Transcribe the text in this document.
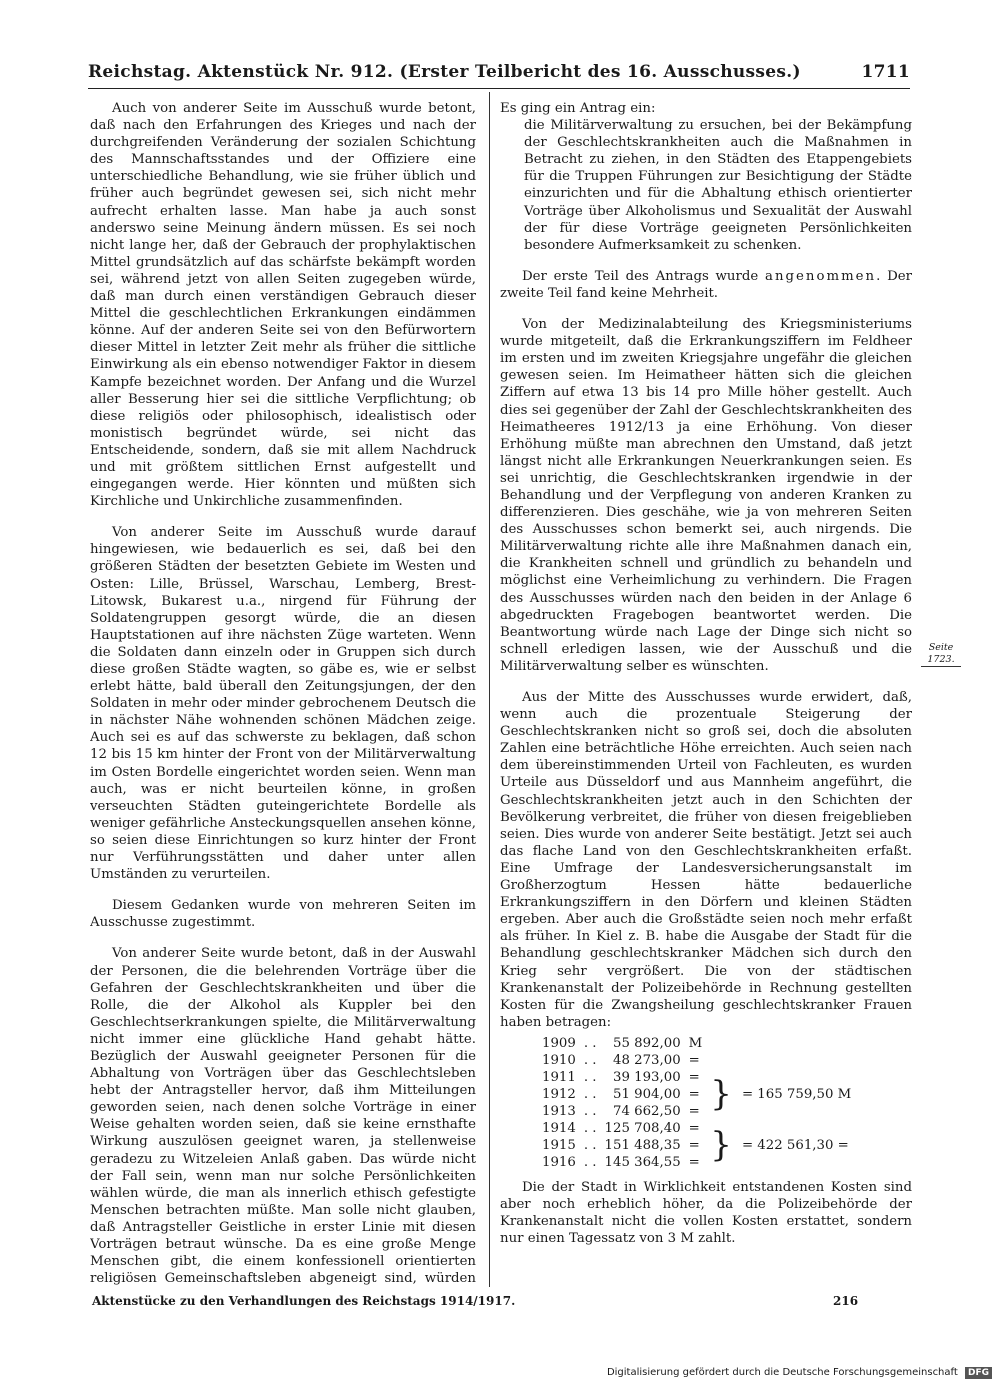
Reichstag. Aktenstück Nr. 912. (Erster Teilbericht des 16. Ausschusses.)	1711

Auch von anderer Seite im Ausschuß wurde betont, daß nach den Erfahrungen des Krieges und nach der durchgreifenden Veränderung der sozialen Schichtung des Mannschaftsstandes und der Offiziere eine unterschiedliche Behandlung, wie sie früher üblich und früher auch begründet gewesen sei, sich nicht mehr aufrecht erhalten lasse. Man habe ja auch sonst anderswo seine Meinung ändern müssen. Es sei noch nicht lange her, daß der Gebrauch der prophylaktischen Mittel grundsätzlich auf das schärfste bekämpft worden sei, während jetzt von allen Seiten zugegeben würde, daß man durch einen verständigen Gebrauch dieser Mittel die geschlechtlichen Erkrankungen eindämmen könne. Auf der anderen Seite sei von den Befürwortern dieser Mittel in letzter Zeit mehr als früher die sittliche Einwirkung als ein ebenso notwendiger Faktor in diesem Kampfe bezeichnet worden. Der Anfang und die Wurzel aller Besserung hier sei die sittliche Verpflichtung; ob diese religiös oder philosophisch, idealistisch oder monistisch begründet würde, sei nicht das Entscheidende, sondern, daß sie mit allem Nachdruck und mit größtem sittlichen Ernst aufgestellt und eingegangen werde. Hier könnten und müßten sich Kirchliche und Unkirchliche zusammenfinden.

Von anderer Seite im Ausschuß wurde darauf hingewiesen, wie bedauerlich es sei, daß bei den größeren Städten der besetzten Gebiete im Westen und Osten: Lille, Brüssel, Warschau, Lemberg, Brest-Litowsk, Bukarest u.a., nirgend für Führung der Soldatengruppen gesorgt würde, die an diesen Hauptstationen auf ihre nächsten Züge warteten. Wenn die Soldaten dann einzeln oder in Gruppen sich durch diese großen Städte wagten, so gäbe es, wie er selbst erlebt hätte, bald überall den Zeitungsjungen, der den Soldaten in mehr oder minder gebrochenem Deutsch die in nächster Nähe wohnenden schönen Mädchen zeige. Auch sei es auf das schwerste zu beklagen, daß schon 12 bis 15 km hinter der Front von der Militärverwaltung im Osten Bordelle eingerichtet worden seien. Wenn man auch, was er nicht beurteilen könne, in großen verseuchten Städten guteingerichtete Bordelle als weniger gefährliche Ansteckungsquellen ansehen könne, so seien diese Einrichtungen so kurz hinter der Front nur Verführungsstätten und daher unter allen Umständen zu verurteilen.

Diesem Gedanken wurde von mehreren Seiten im Ausschusse zugestimmt.

Von anderer Seite wurde betont, daß in der Auswahl der Personen, die die belehrenden Vorträge über die Gefahren der Geschlechtskrankheiten und über die Rolle, die der Alkohol als Kuppler bei den Geschlechtserkrankungen spielte, die Militärverwaltung nicht immer eine glückliche Hand gehabt hätte. Bezüglich der Auswahl geeigneter Personen für die Abhaltung von Vorträgen über das Geschlechtsleben hebt der Antragsteller hervor, daß ihm Mitteilungen geworden seien, nach denen solche Vorträge in einer Weise gehalten worden seien, daß sie keine ernsthafte Wirkung auszulösen geeignet waren, ja stellenweise geradezu zu Witzeleien Anlaß gaben. Das würde nicht der Fall sein, wenn man nur solche Persönlichkeiten wählen würde, die man als innerlich ethisch gefestigte Menschen betrachten müßte. Man solle nicht glauben, daß Antragsteller Geistliche in erster Linie mit diesen Vorträgen betraut wünsche. Da es eine große Menge Menschen gibt, die einem konfessionell orientierten religiösen Gemeinschaftsleben abgeneigt sind, würden

Es ging ein Antrag ein:

die Militärverwaltung zu ersuchen, bei der Bekämpfung der Geschlechtskrankheiten auch die Maßnahmen in Betracht zu ziehen, in den Städten des Etappengebiets für die Truppen Führungen zur Besichtigung der Städte einzurichten und für die Abhaltung ethisch orientierter Vorträge über Alkoholismus und Sexualität der Auswahl der für diese Vorträge geeigneten Persönlichkeiten besondere Aufmerksamkeit zu schenken.

Der erste Teil des Antrags wurde angenommen. Der zweite Teil fand keine Mehrheit.

Von der Medizinalabteilung des Kriegsministeriums wurde mitgeteilt, daß die Erkrankungsziffern im Feldheer im ersten und im zweiten Kriegsjahre ungefähr die gleichen gewesen seien. Im Heimatheer hätten sich die gleichen Ziffern auf etwa 13 bis 14 pro Mille höher gestellt. Auch dies sei gegenüber der Zahl der Geschlechtskrankheiten des Heimatheeres 1912/13 ja eine Erhöhung. Von dieser Erhöhung müßte man abrechnen den Umstand, daß jetzt längst nicht alle Erkrankungen Neuerkrankungen seien. Es sei unrichtig, die Geschlechtskranken irgendwie in der Behandlung und der Verpflegung von anderen Kranken zu differenzieren. Dies geschähe, wie ja von mehreren Seiten des Ausschusses schon bemerkt sei, auch nirgends. Die Militärverwaltung richte alle ihre Maßnahmen danach ein, die Krankheiten schnell und gründlich zu behandeln und möglichst eine Verheimlichung zu verhindern. Die Fragen des Ausschusses würden nach den beiden in der Anlage 6 abgedruckten Fragebogen beantwortet werden. Die Beantwortung würde nach Lage der Dinge sich nicht so schnell erledigen lassen, wie der Ausschuß und die Militärverwaltung selber es wünschten.

Aus der Mitte des Ausschusses wurde erwidert, daß, wenn auch die prozentuale Steigerung der Geschlechtskranken nicht so groß sei, doch die absoluten Zahlen eine beträchtliche Höhe erreichten. Auch seien nach dem übereinstimmenden Urteil von Fachleuten, es wurden Urteile aus Düsseldorf und aus Mannheim angeführt, die Geschlechtskrankheiten jetzt auch in den Schichten der Bevölkerung verbreitet, die früher von diesen freigeblieben seien. Dies wurde von anderer Seite bestätigt. Jetzt sei auch das flache Land von den Geschlechtskrankheiten erfaßt. Eine Umfrage der Landesversicherungsanstalt im Großherzogtum Hessen hätte bedauerliche Erkrankungsziffern in den Dörfern und kleinen Städten ergeben. Aber auch die Großstädte seien noch mehr erfaßt als früher. In Kiel z. B. habe die Ausgabe der Stadt für die Behandlung geschlechtskranker Mädchen sich durch den Krieg sehr vergrößert. Die von der städtischen Krankenanstalt der Polizeibehörde in Rechnung gestellten Kosten für die Zwangsheilung geschlechtskranker Frauen haben betragen:

1909	. .	55 892,00	M		
1910	. .	48 273,00	=		
1911	. .	39 193,00	=	}	= 165 759,50 M
1912	. .	51 904,00	=		
1913	. .	74 662,50	=		
1914	. .	125 708,40	=	}	= 422 561,30 =
1915	. .	151 488,35	=		
1916	. .	145 364,55	=		

Die der Stadt in Wirklichkeit entstandenen Kosten sind aber noch erheblich höher, da die Polizeibehörde der Krankenanstalt nicht die vollen Kosten erstattet, sondern nur einen Tagessatz von 3 M zahlt.

Seite
1723.
Aktenstücke zu den Verhandlungen des Reichstags 1914/1917.	216
Digitalisierung gefördert durch die Deutsche Forschungsgemeinschaft DFG
